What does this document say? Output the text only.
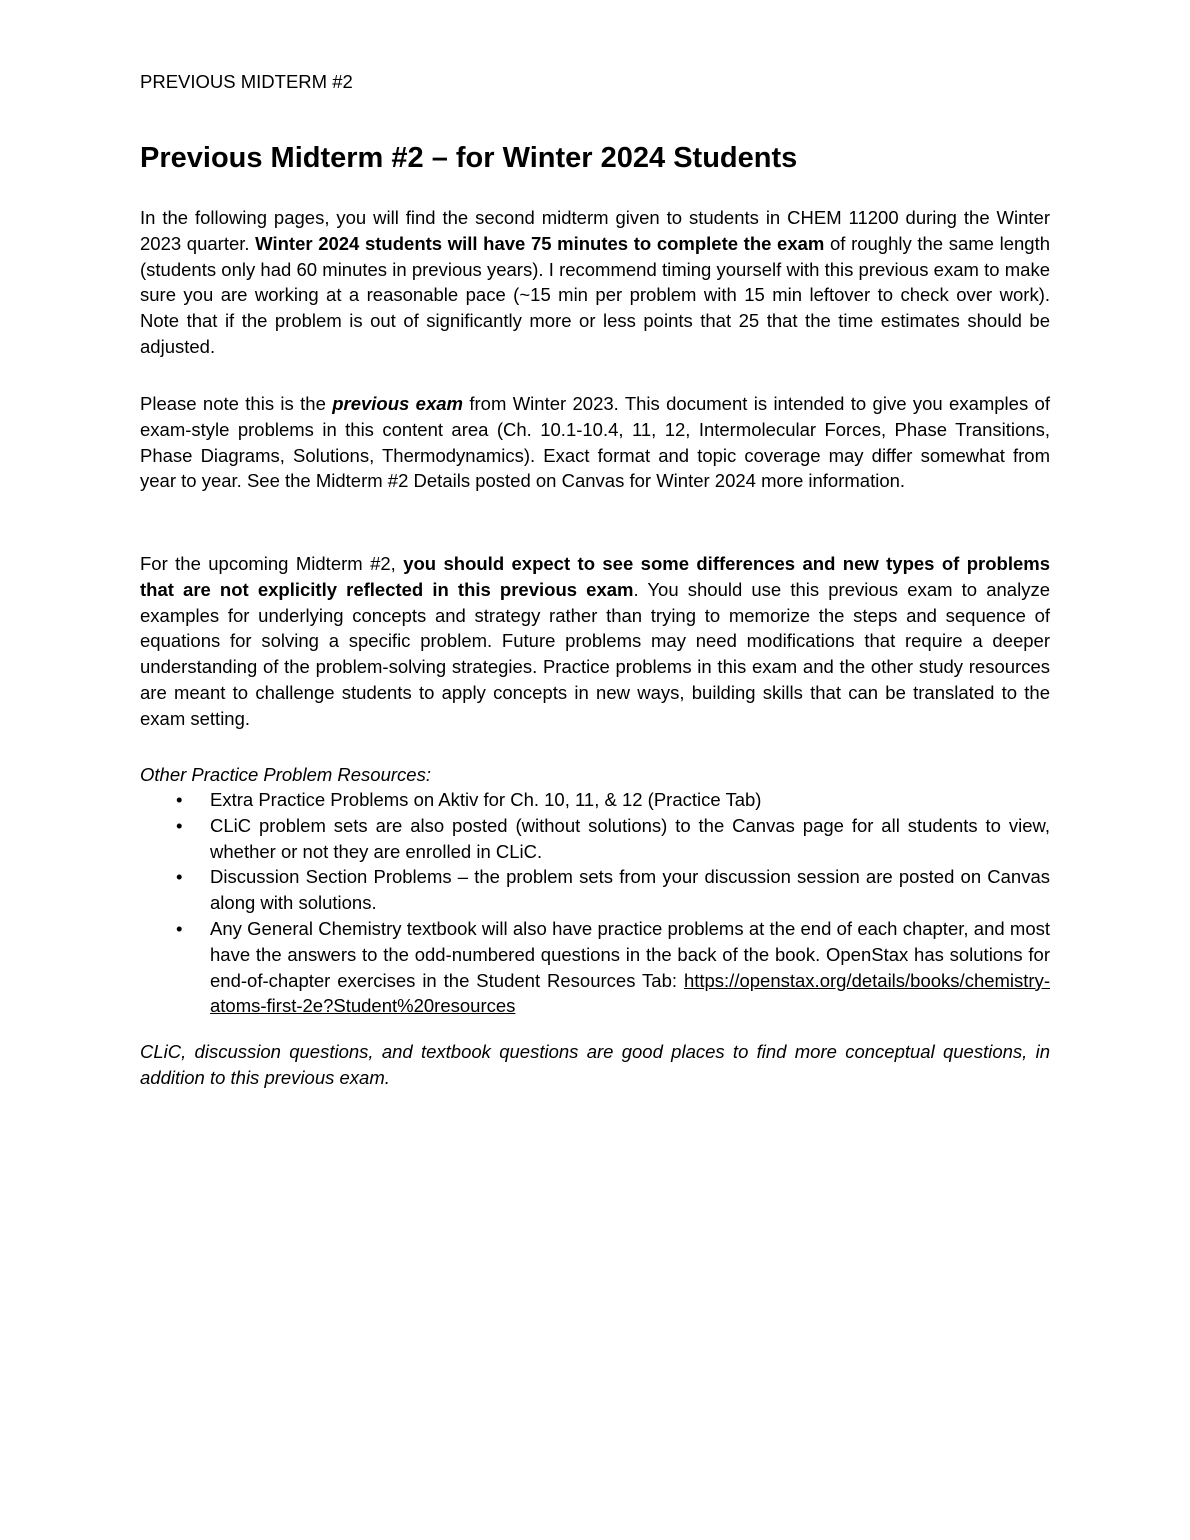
PREVIOUS MIDTERM #2
Previous Midterm #2 – for Winter 2024 Students

In the following pages, you will find the second midterm given to students in CHEM 11200 during the Winter 2023 quarter. Winter 2024 students will have 75 minutes to complete the exam of roughly the same length (students only had 60 minutes in previous years). I recommend timing yourself with this previous exam to make sure you are working at a reasonable pace (~15 min per problem with 15 min leftover to check over work). Note that if the problem is out of significantly more or less points that 25 that the time estimates should be adjusted.

Please note this is the previous exam from Winter 2023. This document is intended to give you examples of exam-style problems in this content area (Ch. 10.1-10.4, 11, 12, Intermolecular Forces, Phase Transitions, Phase Diagrams, Solutions, Thermodynamics). Exact format and topic coverage may differ somewhat from year to year. See the Midterm #2 Details posted on Canvas for Winter 2024 more information.

For the upcoming Midterm #2, you should expect to see some differences and new types of problems that are not explicitly reflected in this previous exam. You should use this previous exam to analyze examples for underlying concepts and strategy rather than trying to memorize the steps and sequence of equations for solving a specific problem. Future problems may need modifications that require a deeper understanding of the problem-solving strategies. Practice problems in this exam and the other study resources are meant to challenge students to apply concepts in new ways, building skills that can be translated to the exam setting.

Other Practice Problem Resources:
• Extra Practice Problems on Aktiv for Ch. 10, 11, & 12 (Practice Tab)
• CLiC problem sets are also posted (without solutions) to the Canvas page for all students to view, whether or not they are enrolled in CLiC.
• Discussion Section Problems – the problem sets from your discussion session are posted on Canvas along with solutions.
• Any General Chemistry textbook will also have practice problems at the end of each chapter, and most have the answers to the odd-numbered questions in the back of the book. OpenStax has solutions for end-of-chapter exercises in the Student Resources Tab: https://openstax.org/details/books/chemistry-atoms-first-2e?Student%20resources

CLiC, discussion questions, and textbook questions are good places to find more conceptual questions, in addition to this previous exam.
